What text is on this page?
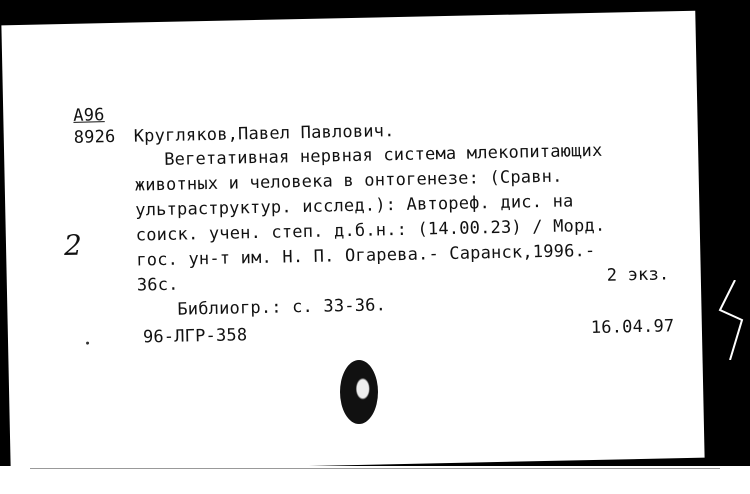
А96
8926 Кругляков,Павел Павлович.
Вегетативная нервная система млекопитающих
животных и человека в онтогенезе: (Сравн.
ультраструктур. исслед.): Автореф. дис. на
соиск. учен. степ. д.б.н.: (14.00.23) / Морд.
гос. ун-т им. Н. П. Огарева.- Саранск,1996.-
36с.	2 экз.
Библиогр.: с. 33-36.
96-ЛГР-358	16.04.97
2
